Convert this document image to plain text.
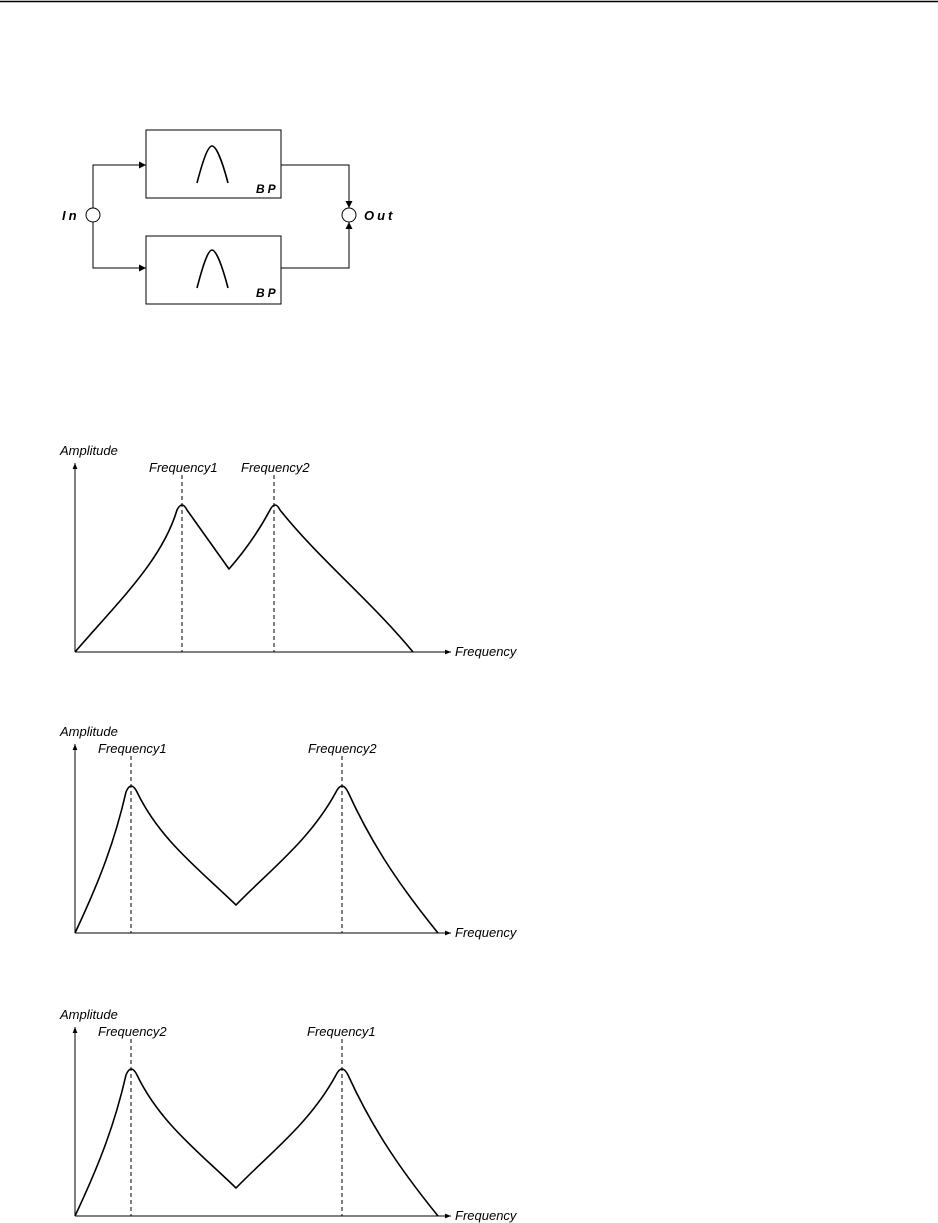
In
BP
BP
Out
Amplitude
Frequency
Frequency1 Frequency2
Amplitude
Frequency
Frequency1	Frequency2
Amplitude
Frequency
Frequency2	Frequency1
